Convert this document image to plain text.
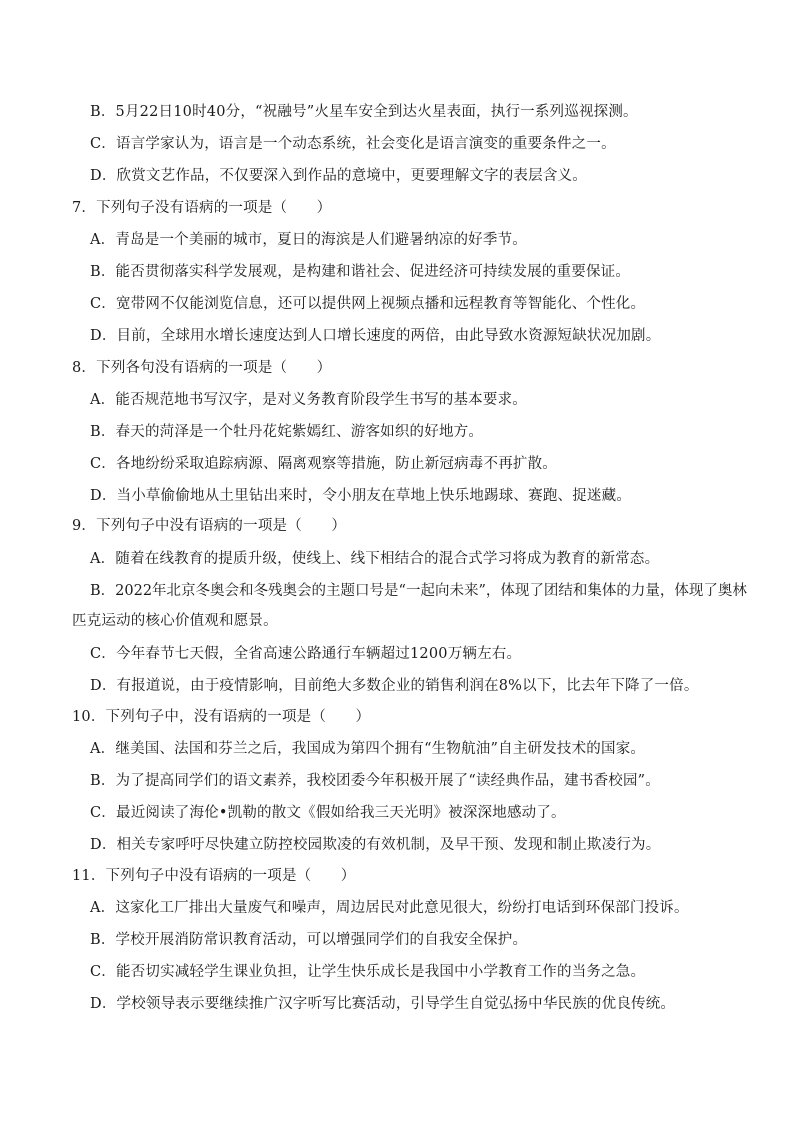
B．5月22日10时40分，“祝融号”火星车安全到达火星表面，执行一系列巡视探测。
C．语言学家认为，语言是一个动态系统，社会变化是语言演变的重要条件之一。
D．欣赏文艺作品，不仅要深入到作品的意境中，更要理解文字的表层含义。
7．下列句子没有语病的一项是（　　）
A．青岛是一个美丽的城市，夏日的海滨是人们避暑纳凉的好季节。
B．能否贯彻落实科学发展观，是构建和谐社会、促进经济可持续发展的重要保证。
C．宽带网不仅能浏览信息，还可以提供网上视频点播和远程教育等智能化、个性化。
D．目前，全球用水增长速度达到人口增长速度的两倍，由此导致水资源短缺状况加剧。
8．下列各句没有语病的一项是（　　）
A．能否规范地书写汉字，是对义务教育阶段学生书写的基本要求。
B．春天的菏泽是一个牡丹花姹紫嫣红、游客如织的好地方。
C．各地纷纷采取追踪病源、隔离观察等措施，防止新冠病毒不再扩散。
D．当小草偷偷地从土里钻出来时，令小朋友在草地上快乐地踢球、赛跑、捉迷藏。
9．下列句子中没有语病的一项是（　　）
A．随着在线教育的提质升级，使线上、线下相结合的混合式学习将成为教育的新常态。
B．2022年北京冬奥会和冬残奥会的主题口号是“一起向未来”，体现了团结和集体的力量，体现了奥林
匹克运动的核心价值观和愿景。
C．今年春节七天假，全省高速公路通行车辆超过1200万辆左右。
D．有报道说，由于疫情影响，目前绝大多数企业的销售利润在8%以下，比去年下降了一倍。
10．下列句子中，没有语病的一项是（　　）
A．继美国、法国和芬兰之后，我国成为第四个拥有“生物航油”自主研发技术的国家。
B．为了提高同学们的语文素养，我校团委今年积极开展了“读经典作品，建书香校园”。
C．最近阅读了海伦•凯勒的散文《假如给我三天光明》被深深地感动了。
D．相关专家呼吁尽快建立防控校园欺凌的有效机制，及早干预、发现和制止欺凌行为。
11．下列句子中没有语病的一项是（　　）
A．这家化工厂排出大量废气和噪声，周边居民对此意见很大，纷纷打电话到环保部门投诉。
B．学校开展消防常识教育活动，可以增强同学们的自我安全保护。
C．能否切实减轻学生课业负担，让学生快乐成长是我国中小学教育工作的当务之急。
D．学校领导表示要继续推广汉字听写比赛活动，引导学生自觉弘扬中华民族的优良传统。
